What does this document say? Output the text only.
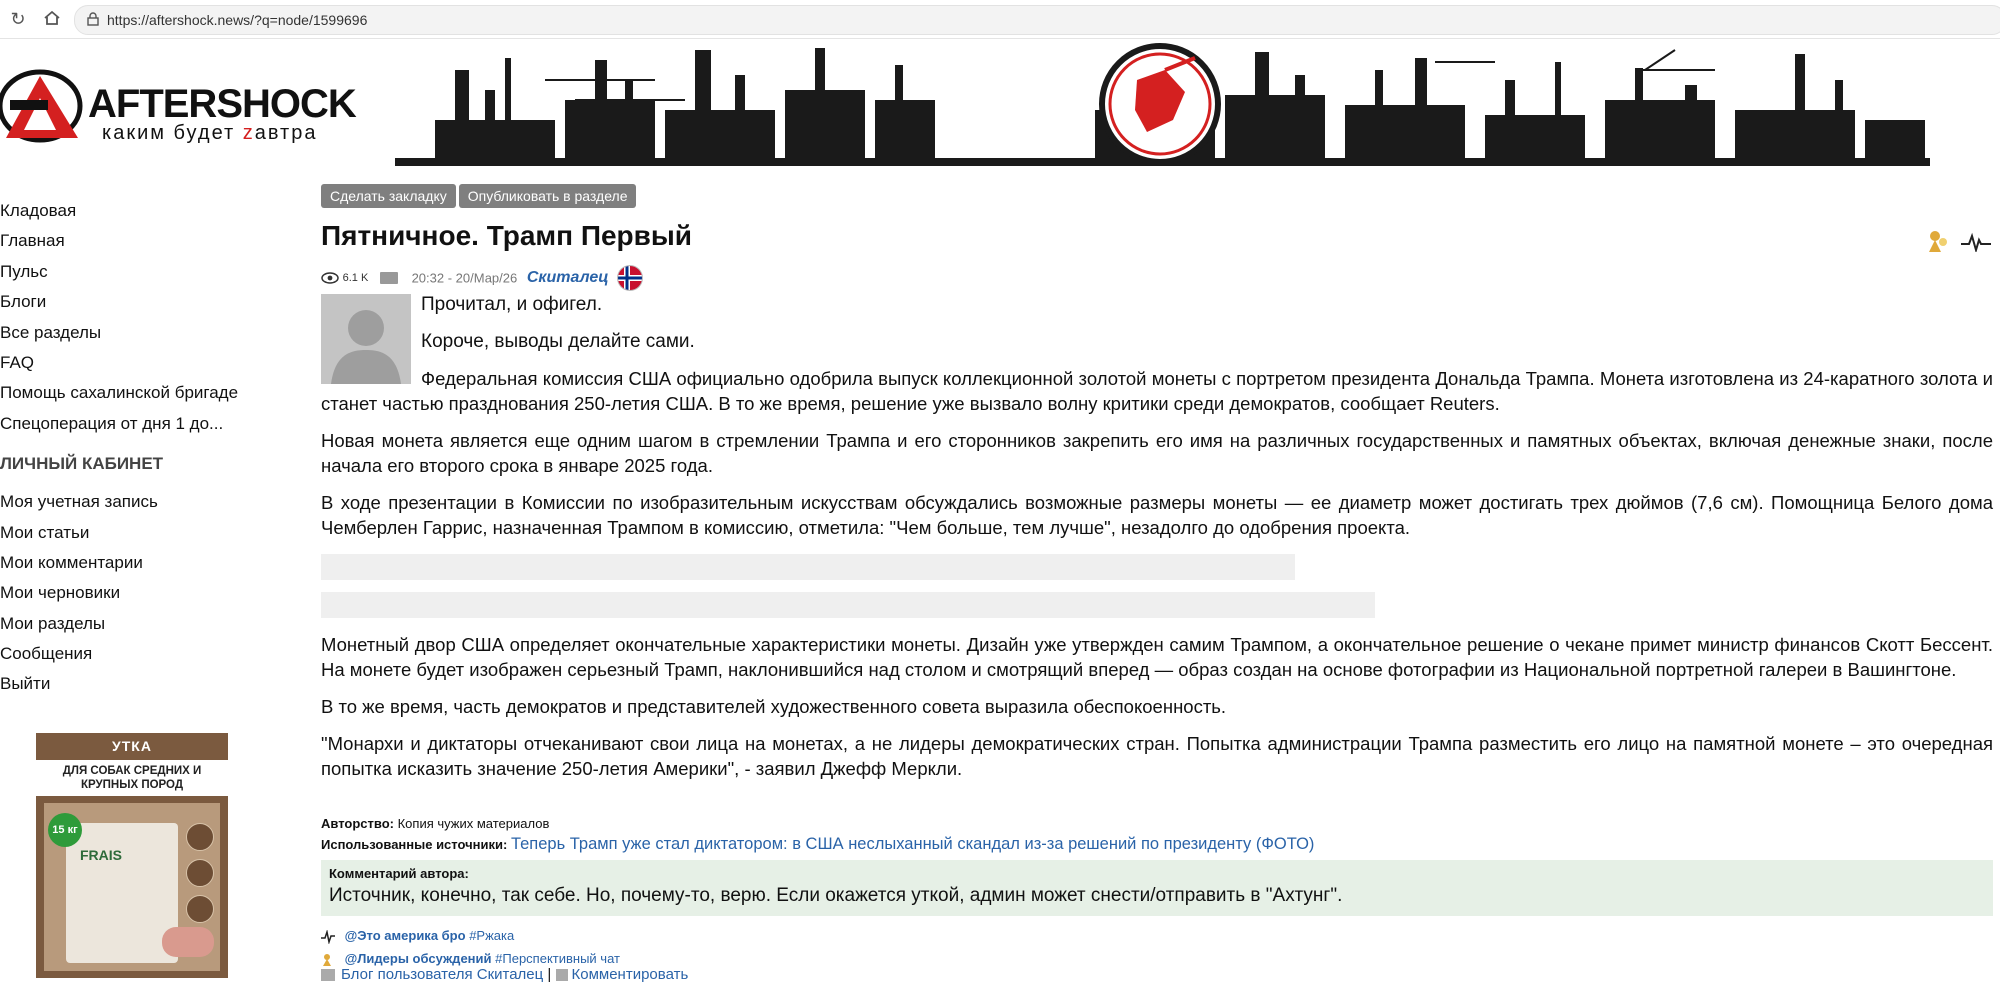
↻	https://aftershock.news/?q=node/1599696
AFTERSHOCK
каким будет zавтра
Кладовая
Главная
Пульс
Блоги
Все разделы
FAQ
Помощь сахалинской бригаде
Спецоперация от дня 1 до...
ЛИЧНЫЙ КАБИНЕТ
Моя учетная запись
Мои статьи
Мои комментарии
Мои черновики
Мои разделы
Сообщения
Выйти
УТКА
ДЛЯ СОБАК СРЕДНИХ И КРУПНЫХ ПОРОД
FRAIS
15 кг
Сделать закладку Опубликовать в разделе
Пятничное. Трамп Первый
6.1 K	20:32 - 20/Мар/26 Скиталец

Прочитал, и офигел.

Короче, выводы делайте сами.

Федеральная комиссия США официально одобрила выпуск коллекционной золотой монеты с портретом президента Дональда Трампа. Монета изготовлена из 24-каратного золота и станет частью празднования 250-летия США. В то же время, решение уже вызвало волну критики среди демократов, сообщает Reuters.

Новая монета является еще одним шагом в стремлении Трампа и его сторонников закрепить его имя на различных государственных и памятных объектах, включая денежные знаки, после начала его второго срока в январе 2025 года.

В ходе презентации в Комиссии по изобразительным искусствам обсуждались возможные размеры монеты — ее диаметр может достигать трех дюймов (7,6 см). Помощница Белого дома Чемберлен Гаррис, назначенная Трампом в комиссию, отметила: "Чем больше, тем лучше", незадолго до одобрения проекта.

Монетный двор США определяет окончательные характеристики монеты. Дизайн уже утвержден самим Трампом, а окончательное решение о чекане примет министр финансов Скотт Бессент. На монете будет изображен серьезный Трамп, наклонившийся над столом и смотрящий вперед — образ создан на основе фотографии из Национальной портретной галереи в Вашингтоне.

В то же время, часть демократов и представителей художественного совета выразила обеспокоенность.

"Монархи и диктаторы отчеканивают свои лица на монетах, а не лидеры демократических стран. Попытка администрации Трампа разместить его лицо на памятной монете – это очередная попытка исказить значение 250-летия Америки", - заявил Джефф Меркли.

Авторство: Копия чужих материалов
Использованные источники: Теперь Трамп уже стал диктатором: в США неслыханный скандал из-за решений по президенту (ФОТО)
Комментарий автора:
Источник, конечно, так себе. Но, почему-то, верю. Если окажется уткой, админ может снести/отправить в "Ахтунг".
@Это америка бро #Ржака
@Лидеры обсуждений #Перспективный чат
Блог пользователя Скиталец | Комментировать
